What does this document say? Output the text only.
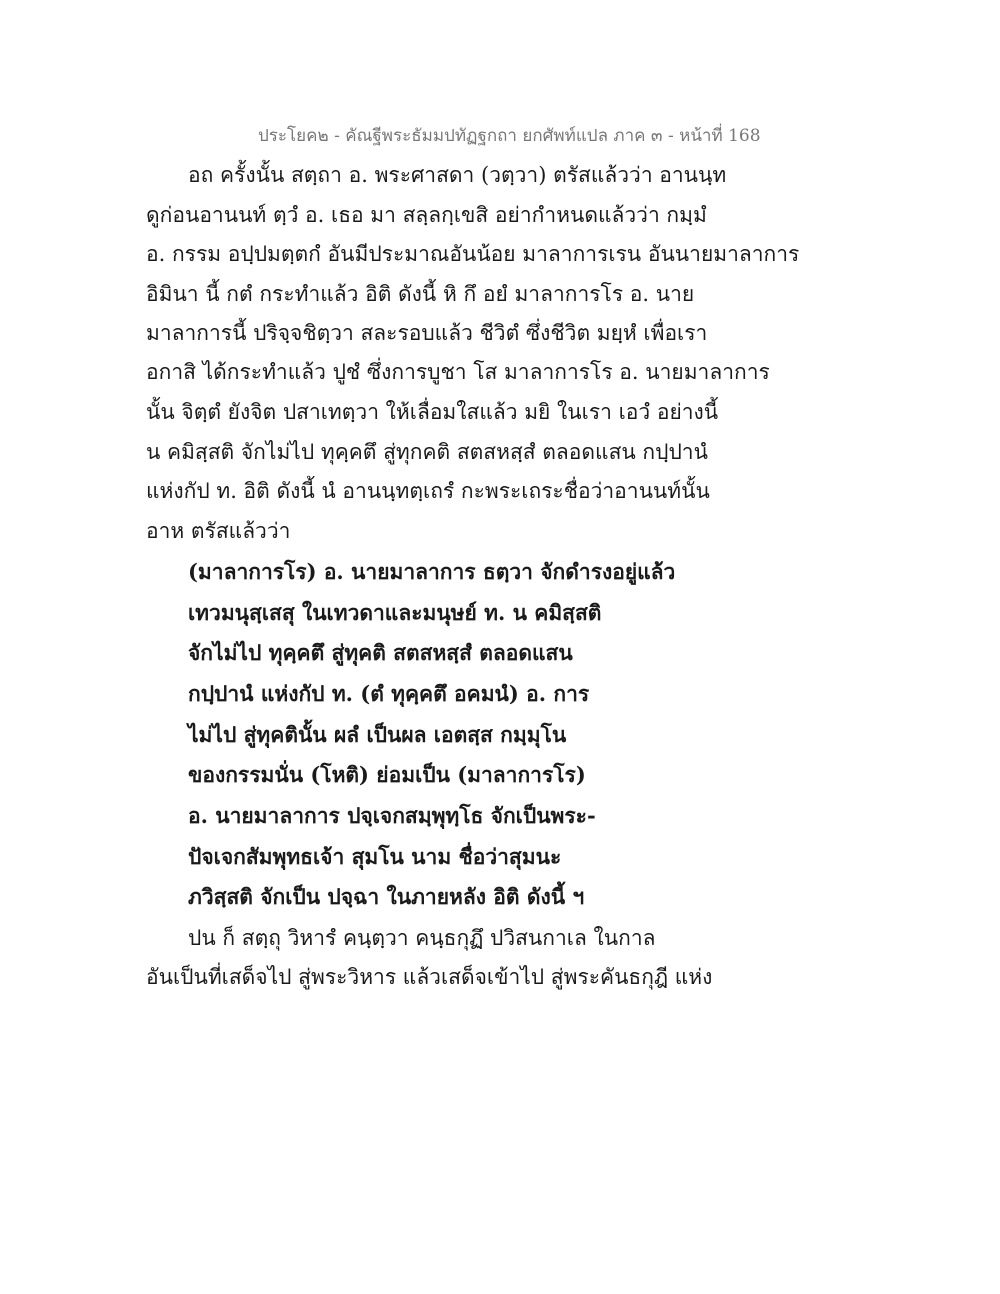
ประโยค๒ - คัณฐีพระธัมมปทัฏฐกถา ยกศัพท์แปล ภาค ๓ - หน้าที่ 168
อถ ครั้งนั้น สตฺถา อ. พระศาสดา (วตฺวา) ตรัสแล้วว่า อานนฺท
ดูก่อนอานนท์ ตฺวํ อ. เธอ มา สลฺลกฺเขสิ อย่ากำหนดแล้วว่า กมฺมํ
อ. กรรม อปฺปมตฺตกํ อันมีประมาณอันน้อย มาลาการเรน อันนายมาลาการ
อิมินา นี้ กตํ กระทำแล้ว อิติ ดังนี้ หิ กึ อยํ มาลาการโร อ. นาย
มาลาการนี้ ปริจฺจชิตฺวา สละรอบแล้ว ชีวิตํ ซึ่งชีวิต มยฺหํ เพื่อเรา
อกาสิ ได้กระทำแล้ว ปูชํ ซึ่งการบูชา โส มาลาการโร อ. นายมาลาการ
นั้น จิตฺตํ ยังจิต ปสาเทตฺวา ให้เลื่อมใสแล้ว มยิ ในเรา เอวํ อย่างนี้
น คมิสฺสติ จักไม่ไป ทุคฺคตึ สู่ทุกคติ สตสหสฺสํ ตลอดแสน กปฺปานํ
แห่งกัป ท. อิติ ดังนี้ นํ อานนฺทตฺเถรํ กะพระเถระชื่อว่าอานนท์นั้น
อาห ตรัสแล้วว่า
(มาลาการโร) อ. นายมาลาการ ธตฺวา จักดำรงอยู่แล้ว
เทวมนุสฺเสสุ ในเทวดาและมนุษย์ ท. น คมิสฺสติ
จักไม่ไป ทุคฺคตึ สู่ทุคติ สตสหสฺสํ ตลอดแสน
กปฺปานํ แห่งกัป ท. (ตํ ทุคฺคตึ อคมนํ) อ. การ
ไม่ไป สู่ทุคตินั้น ผลํ เป็นผล เอตสฺส กมฺมุโน
ของกรรมนั่น (โหติ) ย่อมเป็น (มาลาการโร)
อ. นายมาลาการ ปจฺเจกสมฺพุทฺโธ จักเป็นพระ-
ปัจเจกสัมพุทธเจ้า สุมโน นาม ชื่อว่าสุมนะ
ภวิสฺสติ จักเป็น ปจฺฉา ในภายหลัง อิติ ดังนี้ ฯ
ปน ก็ สตฺถุ วิหารํ คนฺตฺวา คนฺธกุฏึ ปวิสนกาเล ในกาล
อันเป็นที่เสด็จไป สู่พระวิหาร แล้วเสด็จเข้าไป สู่พระคันธกุฎี แห่ง
